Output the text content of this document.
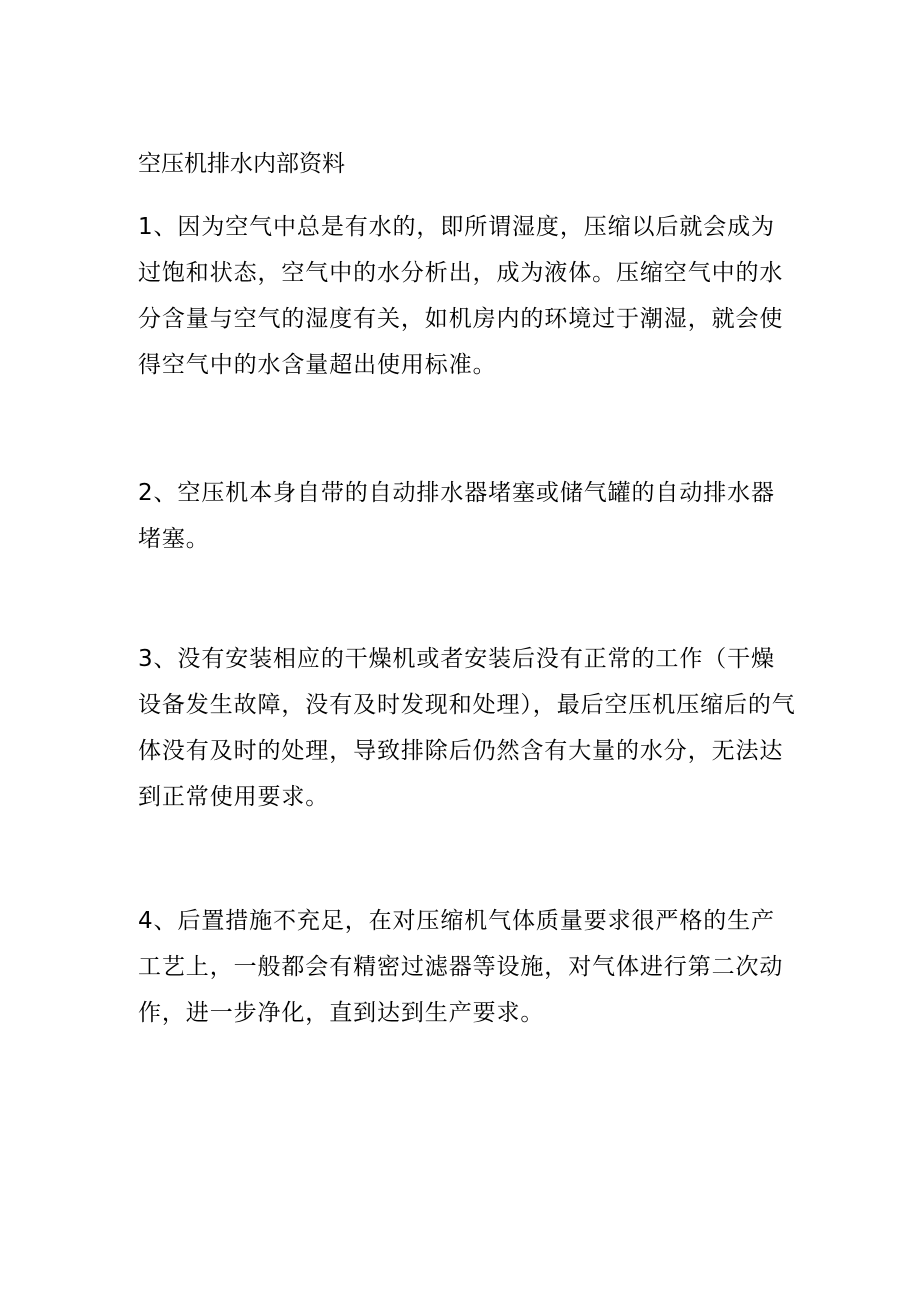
空压机排水内部资料

1、因为空气中总是有水的，即所谓湿度，压缩以后就会成为过饱和状态，空气中的水分析出，成为液体。压缩空气中的水分含量与空气的湿度有关，如机房内的环境过于潮湿，就会使得空气中的水含量超出使用标准。

2、空压机本身自带的自动排水器堵塞或储气罐的自动排水器堵塞。

3、没有安装相应的干燥机或者安装后没有正常的工作（干燥设备发生故障，没有及时发现和处理），最后空压机压缩后的气体没有及时的处理，导致排除后仍然含有大量的水分，无法达到正常使用要求。

4、后置措施不充足，在对压缩机气体质量要求很严格的生产工艺上，一般都会有精密过滤器等设施，对气体进行第二次动作，进一步净化，直到达到生产要求。
